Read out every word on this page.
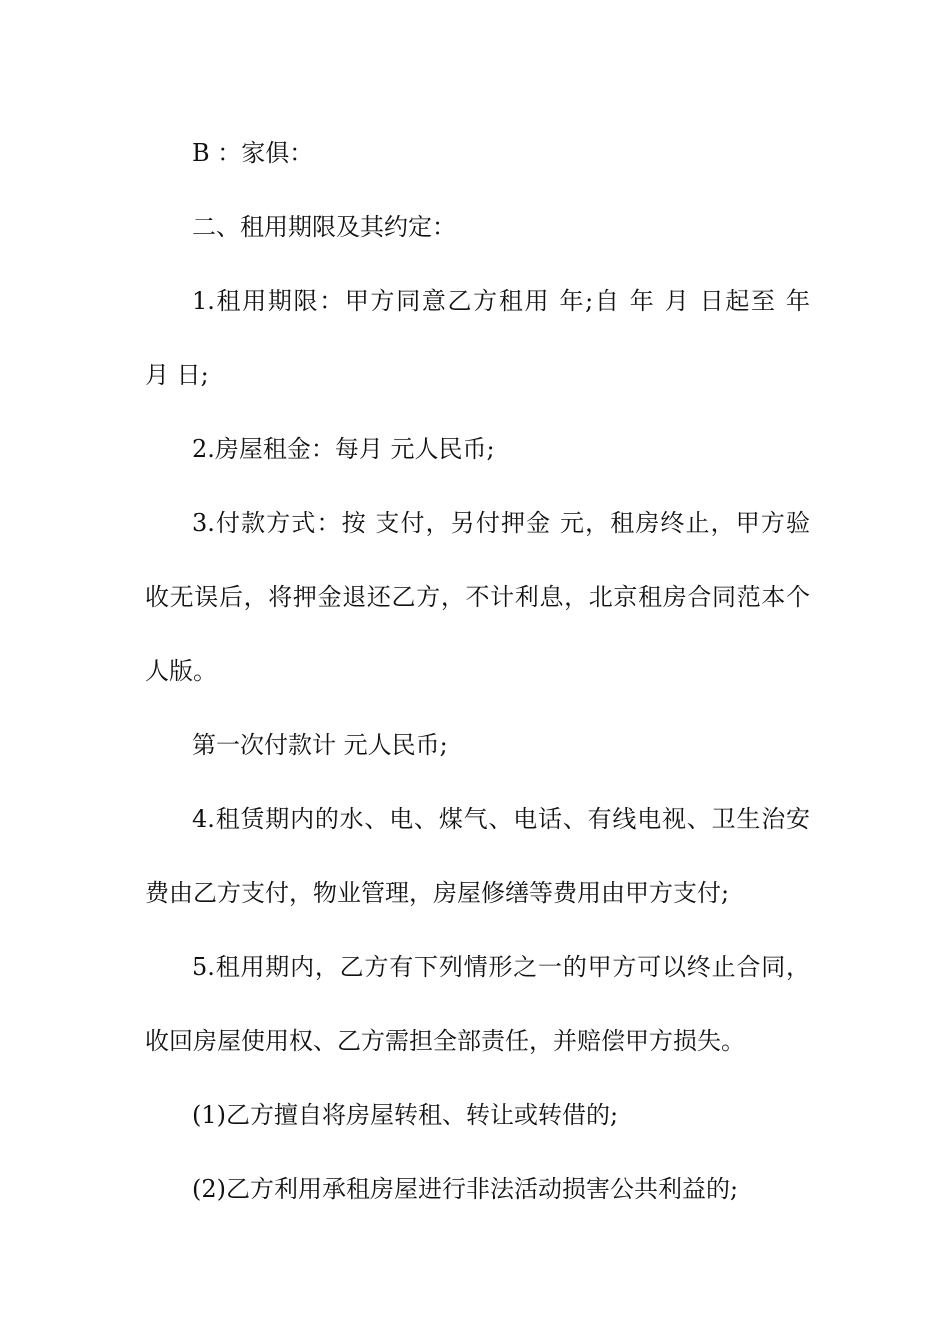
B ：家俱：
二、租用期限及其约定：
1.租用期限：甲方同意乙方租用 年;自 年 月 日起至 年
月 日;
2.房屋租金：每月 元人民币;
3.付款方式：按 支付，另付押金 元，租房终止，甲方验
收无误后，将押金退还乙方，不计利息，北京租房合同范本个
人版。
第一次付款计 元人民币;
4.租赁期内的水、电、煤气、电话、有线电视、卫生治安
费由乙方支付，物业管理，房屋修缮等费用由甲方支付;
5.租用期内，乙方有下列情形之一的甲方可以终止合同，
收回房屋使用权、乙方需担全部责任，并赔偿甲方损失。
(1)乙方擅自将房屋转租、转让或转借的;
(2)乙方利用承租房屋进行非法活动损害公共利益的;
